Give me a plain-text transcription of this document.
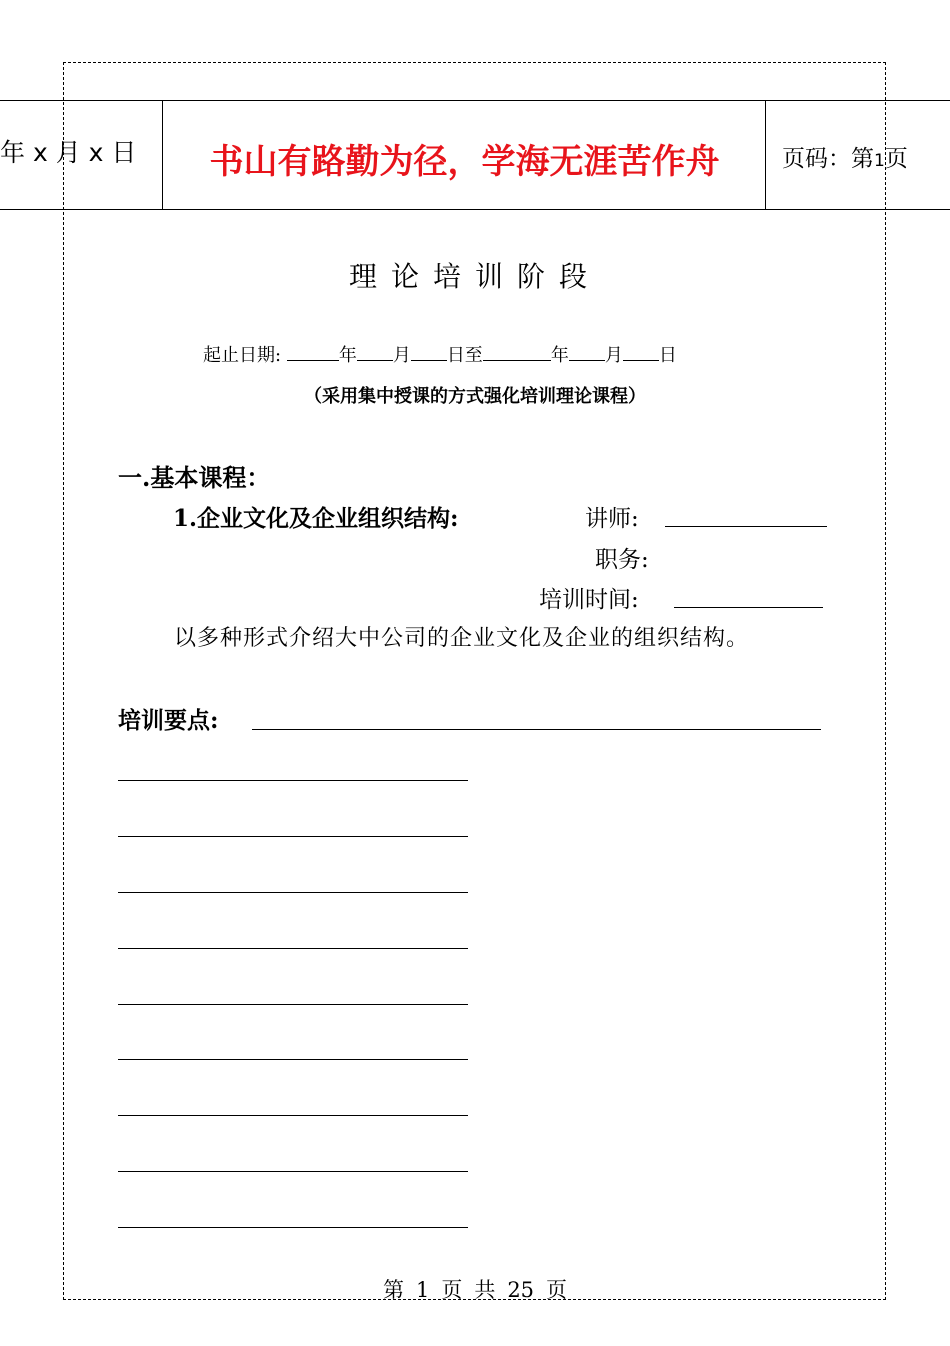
年 x 月 x 日	书山有路勤为径，学海无涯苦作舟	页码：第1页
理论培训阶段
起止日期:	年 月 日至	年 月 日
（采用集中授课的方式强化培训理论课程）
一.基本课程：
1.企业文化及企业组织结构:	讲师:
职务:
培训时间:
以多种形式介绍大中公司的企业文化及企业的组织结构。
培训要点:
第 1 页 共 25 页
